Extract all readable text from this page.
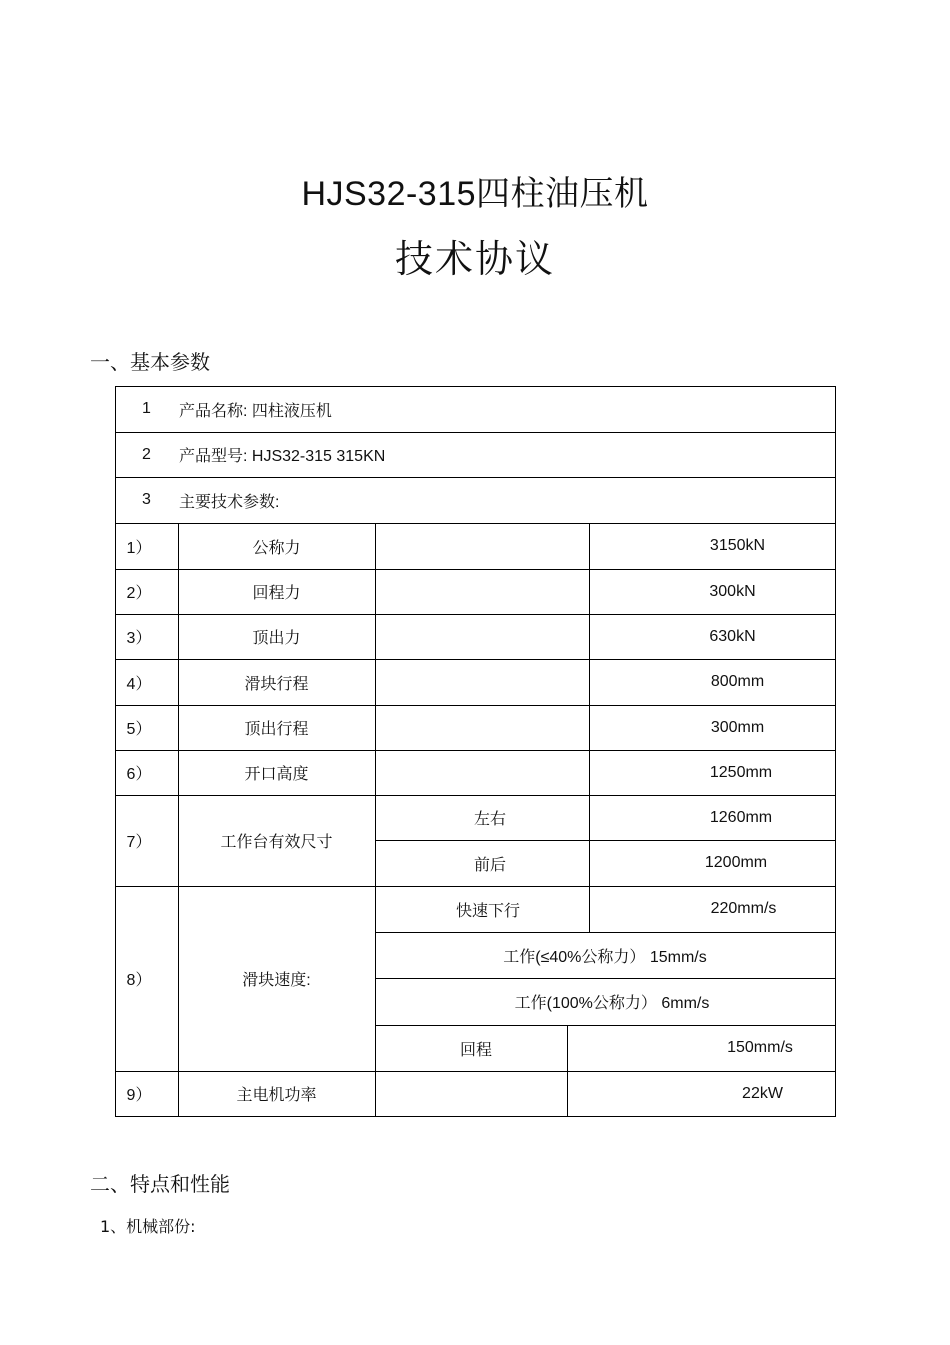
HJS32-315四柱油压机
技术协议
一、基本参数
1	产品名称: 四柱液压机
2	产品型号: HJS32-315 315KN
3	主要技术参数:
1）	公称力	3150kN
2）	回程力	300kN
3）	顶出力	630kN
4）	滑块行程	800mm
5）	顶出行程	300mm
6）	开口高度	1250mm
7）	工作台有效尺寸
左右	1260mm
前后	1200mm
8）	滑块速度:
快速下行	220mm/s
工作(≤40%公称力） 15mm/s
工作(100%公称力） 6mm/s
回程	150mm/s
9）	主电机功率	22kW
二、特点和性能
1、机械部份:
